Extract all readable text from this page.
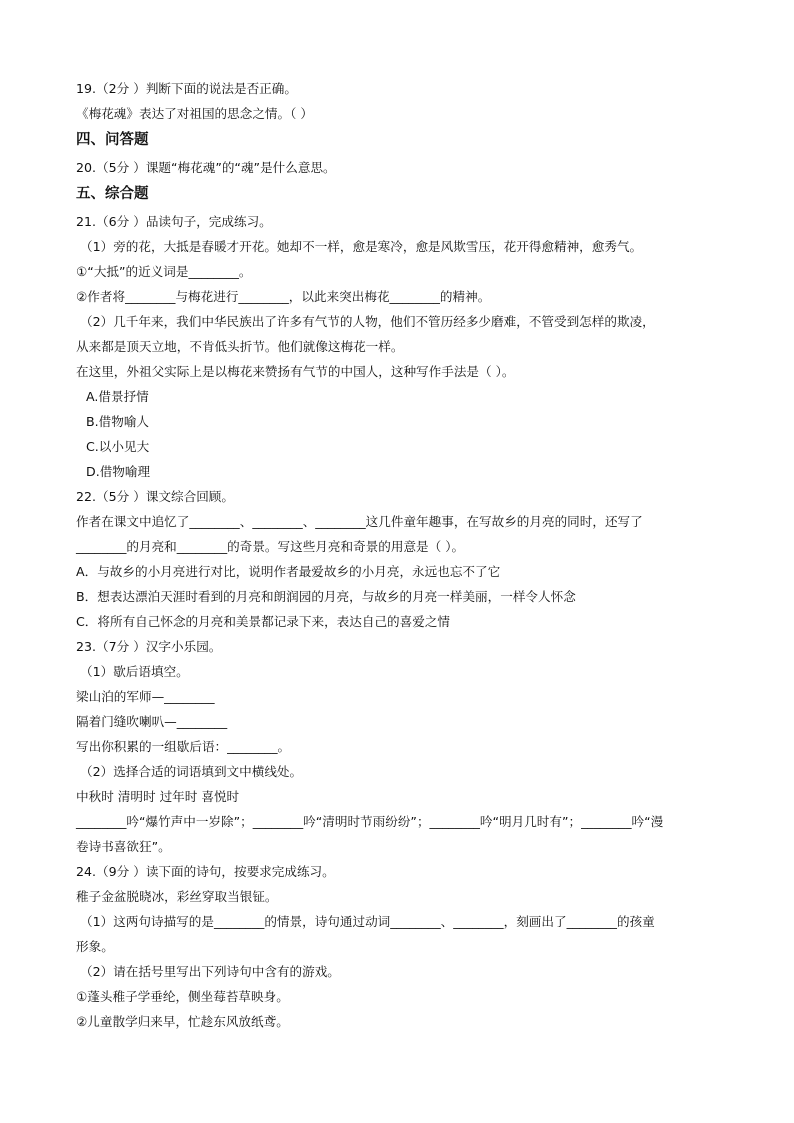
19.（2分 ）判断下面的说法是否正确。
《梅花魂》表达了对祖国的思念之情。（ ）
四、问答题
20.（5分 ）课题“梅花魂”的“魂”是什么意思。
五、综合题
21.（6分 ）品读句子，完成练习。
（1）旁的花，大抵是春暖才开花。她却不一样，愈是寒冷，愈是风欺雪压，花开得愈精神，愈秀气。
①“大抵”的近义词是________。
②作者将________与梅花进行________，以此来突出梅花________的精神。
（2）几千年来，我们中华民族出了许多有气节的人物，他们不管历经多少磨难，不管受到怎样的欺凌，
从来都是顶天立地，不肯低头折节。他们就像这梅花一样。
在这里，外祖父实际上是以梅花来赞扬有气节的中国人，这种写作手法是（ ）。
A.借景抒情
B.借物喻人
C.以小见大
D.借物喻理
22.（5分 ）课文综合回顾。
作者在课文中追忆了________、________、________这几件童年趣事，在写故乡的月亮的同时，还写了
________的月亮和________的奇景。写这些月亮和奇景的用意是（ ）。
A．与故乡的小月亮进行对比，说明作者最爱故乡的小月亮，永远也忘不了它
B．想表达漂泊天涯时看到的月亮和朗润园的月亮，与故乡的月亮一样美丽，一样令人怀念
C．将所有自己怀念的月亮和美景都记录下来，表达自己的喜爱之情
23.（7分 ）汉字小乐园。
（1）歇后语填空。
梁山泊的军师—________
隔着门缝吹喇叭—________
写出你积累的一组歇后语：________。
（2）选择合适的词语填到文中横线处。
中秋时 清明时 过年时 喜悦时
________吟“爆竹声中一岁除”；________吟“清明时节雨纷纷”；________吟“明月几时有”；________吟“漫
卷诗书喜欲狂”。
24.（9分 ）读下面的诗句，按要求完成练习。
稚子金盆脱晓冰，彩丝穿取当银钲。
（1）这两句诗描写的是________的情景，诗句通过动词________、________，刻画出了________的孩童
形象。
（2）请在括号里写出下列诗句中含有的游戏。
①蓬头稚子学垂纶，侧坐莓苔草映身。
②儿童散学归来早，忙趁东风放纸鸢。
